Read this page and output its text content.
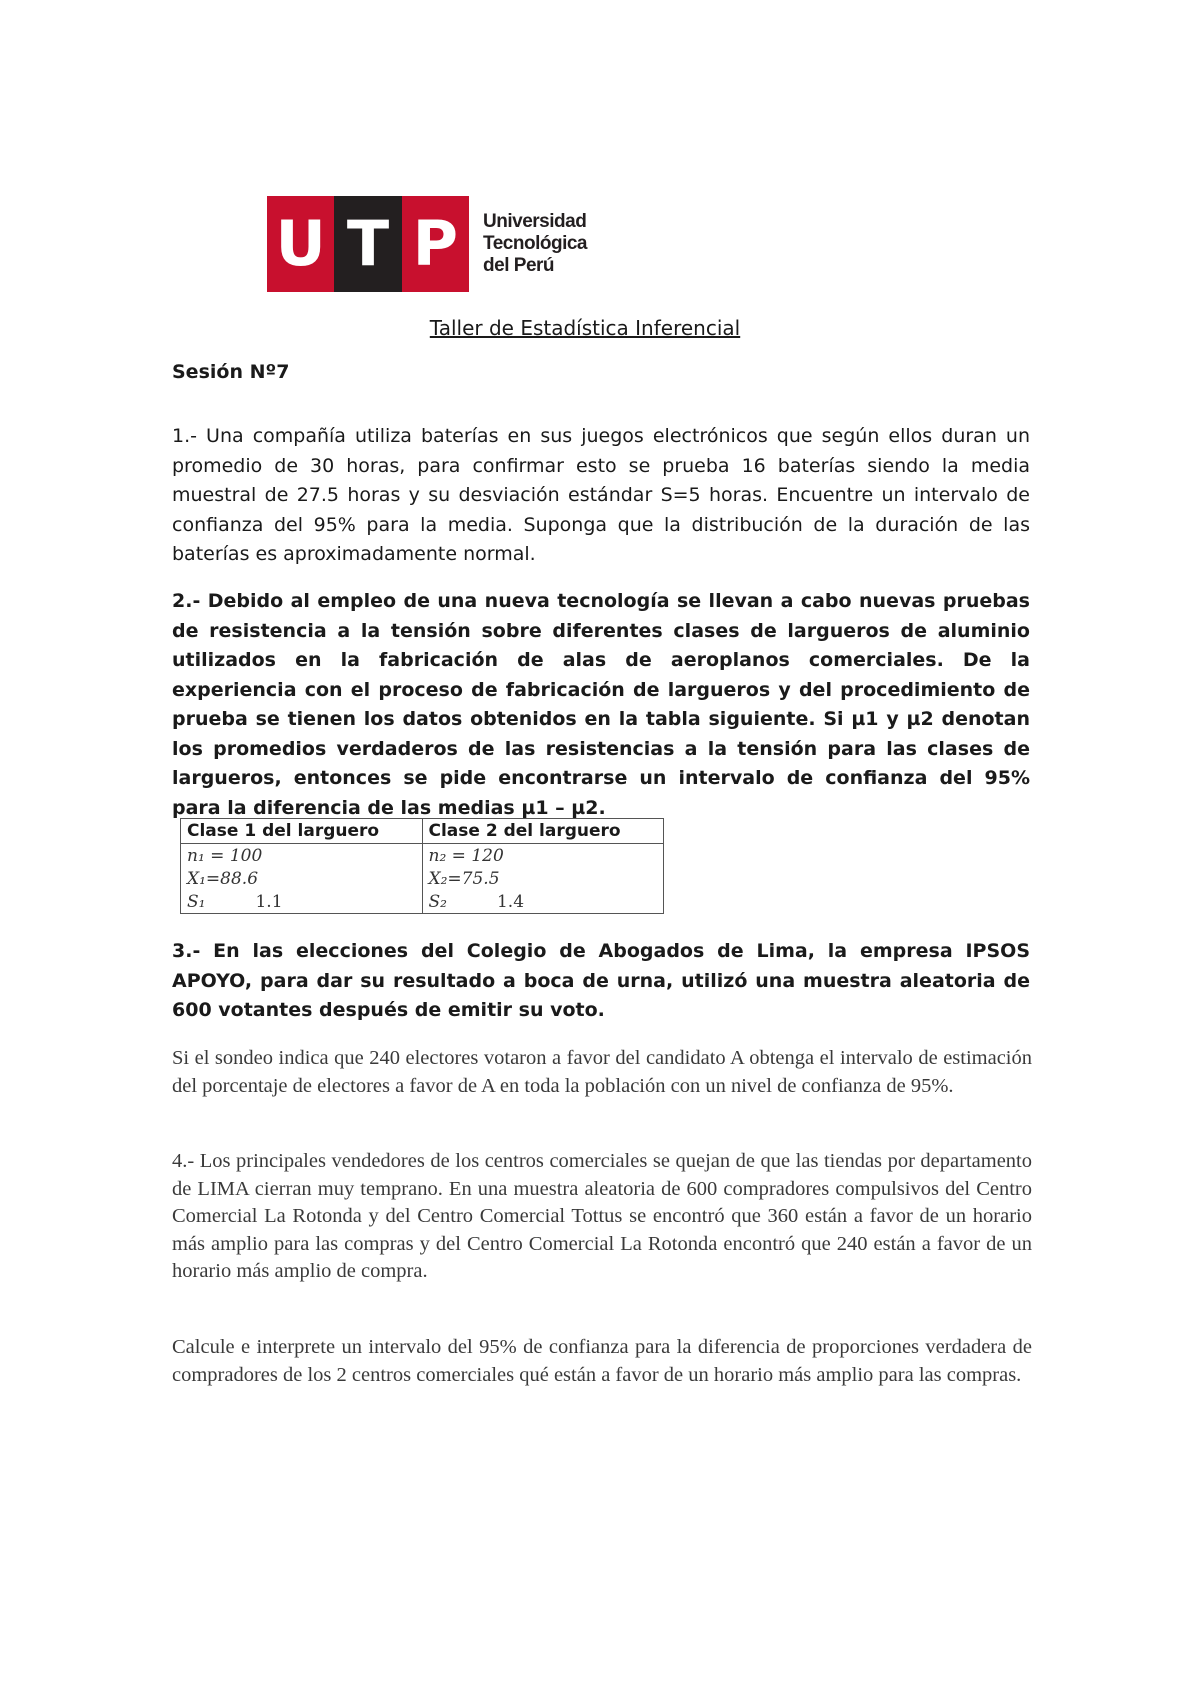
U T P	Universidad
Tecnológica
del Perú

Taller de Estadística Inferencial

Sesión Nº7

1.- Una compañía utiliza baterías en sus juegos electrónicos que según ellos duran un promedio de 30 horas, para confirmar esto se prueba 16 baterías siendo la media muestral de 27.5 horas y su desviación estándar S=5 horas. Encuentre un intervalo de confianza del 95% para la media. Suponga que la distribución de la duración de las baterías es aproximadamente normal.

2.- Debido al empleo de una nueva tecnología se llevan a cabo nuevas pruebas de resistencia a la tensión sobre diferentes clases de largueros de aluminio utilizados en la fabricación de alas de aeroplanos comerciales. De la experiencia con el proceso de fabricación de largueros y del procedimiento de prueba se tienen los datos obtenidos en la tabla siguiente. Si µ1 y µ2 denotan los promedios verdaderos de las resistencias a la tensión para las clases de largueros, entonces se pide encontrarse un intervalo de confianza del 95% para la diferencia de las medias µ1 – µ2.

Clase 1 del larguero	Clase 2 del larguero
n₁ = 100	n₂ = 120
X₁=88.6	X₂=75.5
S₁ 1.1	S₂ 1.4

3.- En las elecciones del Colegio de Abogados de Lima, la empresa IPSOS APOYO, para dar su resultado a boca de urna, utilizó una muestra aleatoria de 600 votantes después de emitir su voto.

Si el sondeo indica que 240 electores votaron a favor del candidato A obtenga el intervalo de estimación del porcentaje de electores a favor de A en toda la población con un nivel de confianza de 95%.

4.- Los principales vendedores de los centros comerciales se quejan de que las tiendas por departamento de LIMA cierran muy temprano. En una muestra aleatoria de 600 compradores compulsivos del Centro Comercial La Rotonda y del Centro Comercial Tottus se encontró que 360 están a favor de un horario más amplio para las compras y del Centro Comercial La Rotonda encontró que 240 están a favor de un horario más amplio de compra.

Calcule e interprete un intervalo del 95% de confianza para la diferencia de proporciones verdadera de compradores de los 2 centros comerciales qué están a favor de un horario más amplio para las compras.
